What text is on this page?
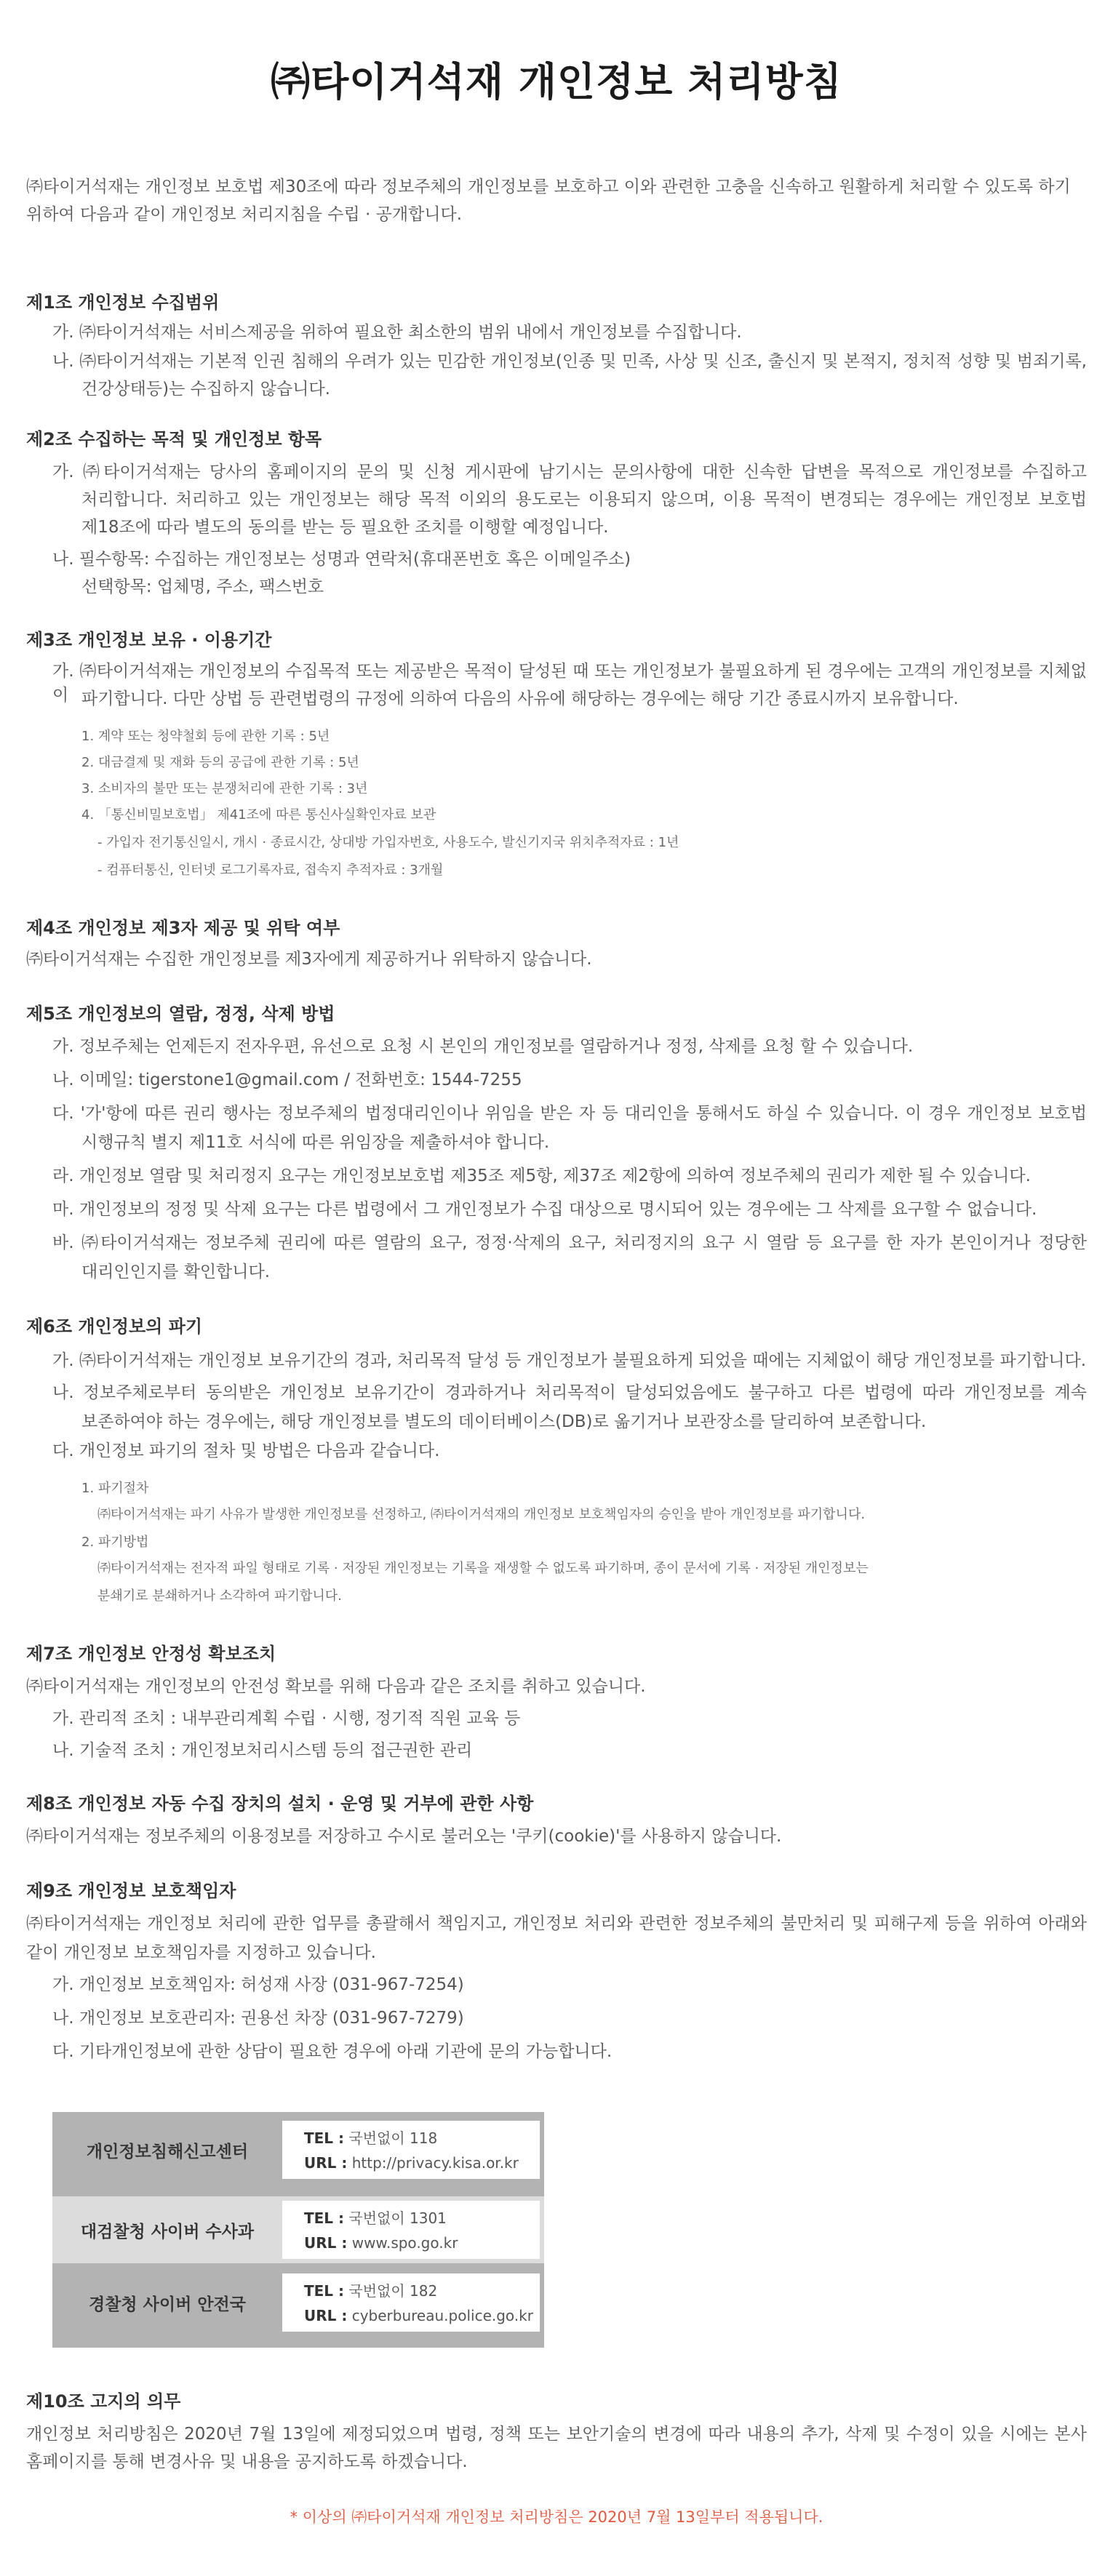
㈜타이거석재 개인정보 처리방침

㈜타이거석재는 개인정보 보호법 제30조에 따라 정보주체의 개인정보를 보호하고 이와 관련한 고충을 신속하고 원활하게 처리할 수 있도록 하기 위하여 다음과 같이 개인정보 처리지침을 수립 · 공개합니다.

제1조 개인정보 수집범위

가. ㈜타이거석재는 서비스제공을 위하여 필요한 최소한의 범위 내에서 개인정보를 수집합니다.

나. ㈜타이거석재는 기본적 인권 침해의 우려가 있는 민감한 개인정보(인종 및 민족, 사상 및 신조, 출신지 및 본적지, 정치적 성향 및 범죄기록,

건강상태등)는 수집하지 않습니다.

제2조 수집하는 목적 및 개인정보 항목

가. ㈜타이거석재는 당사의 홈페이지의 문의 및 신청 게시판에 남기시는 문의사항에 대한 신속한 답변을 목적으로 개인정보를 수집하고

처리합니다. 처리하고 있는 개인정보는 해당 목적 이외의 용도로는 이용되지 않으며, 이용 목적이 변경되는 경우에는 개인정보 보호법

제18조에 따라 별도의 동의를 받는 등 필요한 조치를 이행할 예정입니다.

나. 필수항목: 수집하는 개인정보는 성명과 연락처(휴대폰번호 혹은 이메일주소)

선택항목: 업체명, 주소, 팩스번호

제3조 개인정보 보유 · 이용기간

가. ㈜타이거석재는 개인정보의 수집목적 또는 제공받은 목적이 달성된 때 또는 개인정보가 불필요하게 된 경우에는 고객의 개인정보를 지체없이 파기합니다. 다만 상법 등 관련법령의 규정에 의하여 다음의 사유에 해당하는 경우에는 해당 기간 종료시까지 보유합니다.

1. 계약 또는 청약철회 등에 관한 기록 : 5년

2. 대금결제 및 재화 등의 공급에 관한 기록 : 5년

3. 소비자의 불만 또는 분쟁처리에 관한 기록 : 3년

4. 「통신비밀보호법」 제41조에 따른 통신사실확인자료 보관

- 가입자 전기통신일시, 개시 · 종료시간, 상대방 가입자번호, 사용도수, 발신기지국 위치추적자료 : 1년

- 컴퓨터통신, 인터넷 로그기록자료, 접속지 추적자료 : 3개월

제4조 개인정보 제3자 제공 및 위탁 여부

㈜타이거석재는 수집한 개인정보를 제3자에게 제공하거나 위탁하지 않습니다.

제5조 개인정보의 열람, 정정, 삭제 방법

가. 정보주체는 언제든지 전자우편, 유선으로 요청 시 본인의 개인정보를 열람하거나 정정, 삭제를 요청 할 수 있습니다.

나. 이메일: tigerstone1@gmail.com / 전화번호: 1544-7255

다. '가'항에 따른 권리 행사는 정보주체의 법정대리인이나 위임을 받은 자 등 대리인을 통해서도 하실 수 있습니다. 이 경우 개인정보 보호법

시행규칙 별지 제11호 서식에 따른 위임장을 제출하셔야 합니다.

라. 개인정보 열람 및 처리정지 요구는 개인정보보호법 제35조 제5항, 제37조 제2항에 의하여 정보주체의 권리가 제한 될 수 있습니다.

마. 개인정보의 정정 및 삭제 요구는 다른 법령에서 그 개인정보가 수집 대상으로 명시되어 있는 경우에는 그 삭제를 요구할 수 없습니다.

바. ㈜타이거석재는 정보주체 권리에 따른 열람의 요구, 정정·삭제의 요구, 처리정지의 요구 시 열람 등 요구를 한 자가 본인이거나 정당한

대리인인지를 확인합니다.

제6조 개인정보의 파기

가. ㈜타이거석재는 개인정보 보유기간의 경과, 처리목적 달성 등 개인정보가 불필요하게 되었을 때에는 지체없이 해당 개인정보를 파기합니다.

나. 정보주체로부터 동의받은 개인정보 보유기간이 경과하거나 처리목적이 달성되었음에도 불구하고 다른 법령에 따라 개인정보를 계속

보존하여야 하는 경우에는, 해당 개인정보를 별도의 데이터베이스(DB)로 옮기거나 보관장소를 달리하여 보존합니다.

다. 개인정보 파기의 절차 및 방법은 다음과 같습니다.

1. 파기절차

㈜타이거석재는 파기 사유가 발생한 개인정보를 선정하고, ㈜타이거석재의 개인정보 보호책임자의 승인을 받아 개인정보를 파기합니다.

2. 파기방법

㈜타이거석재는 전자적 파일 형태로 기록 · 저장된 개인정보는 기록을 재생할 수 없도록 파기하며, 종이 문서에 기록 · 저장된 개인정보는

분쇄기로 분쇄하거나 소각하여 파기합니다.

제7조 개인정보 안정성 확보조치

㈜타이거석재는 개인정보의 안전성 확보를 위해 다음과 같은 조치를 취하고 있습니다.

가. 관리적 조치 : 내부관리계획 수립 · 시행, 정기적 직원 교육 등

나. 기술적 조치 : 개인정보처리시스템 등의 접근권한 관리

제8조 개인정보 자동 수집 장치의 설치 · 운영 및 거부에 관한 사항

㈜타이거석재는 정보주체의 이용정보를 저장하고 수시로 불러오는 '쿠키(cookie)'를 사용하지 않습니다.

제9조 개인정보 보호책임자

㈜타이거석재는 개인정보 처리에 관한 업무를 총괄해서 책임지고, 개인정보 처리와 관련한 정보주체의 불만처리 및 피해구제 등을 위하여 아래와

같이 개인정보 보호책임자를 지정하고 있습니다.

가. 개인정보 보호책임자: 허성재 사장 (031-967-7254)

나. 개인정보 보호관리자: 권용선 차장 (031-967-7279)

다. 기타개인정보에 관한 상담이 필요한 경우에 아래 기관에 문의 가능합니다.

개인정보침해신고센터
TEL : 국번없이 118
URL : http://privacy.kisa.or.kr
대검찰청 사이버 수사과
TEL : 국번없이 1301
URL : www.spo.go.kr
경찰청 사이버 안전국
TEL : 국번없이 182
URL : cyberbureau.police.go.kr
제10조 고지의 의무

개인정보 처리방침은 2020년 7월 13일에 제정되었으며 법령, 정책 또는 보안기술의 변경에 따라 내용의 추가, 삭제 및 수정이 있을 시에는 본사

홈페이지를 통해 변경사유 및 내용을 공지하도록 하겠습니다.

* 이상의 ㈜타이거석재 개인정보 처리방침은 2020년 7월 13일부터 적용됩니다.
